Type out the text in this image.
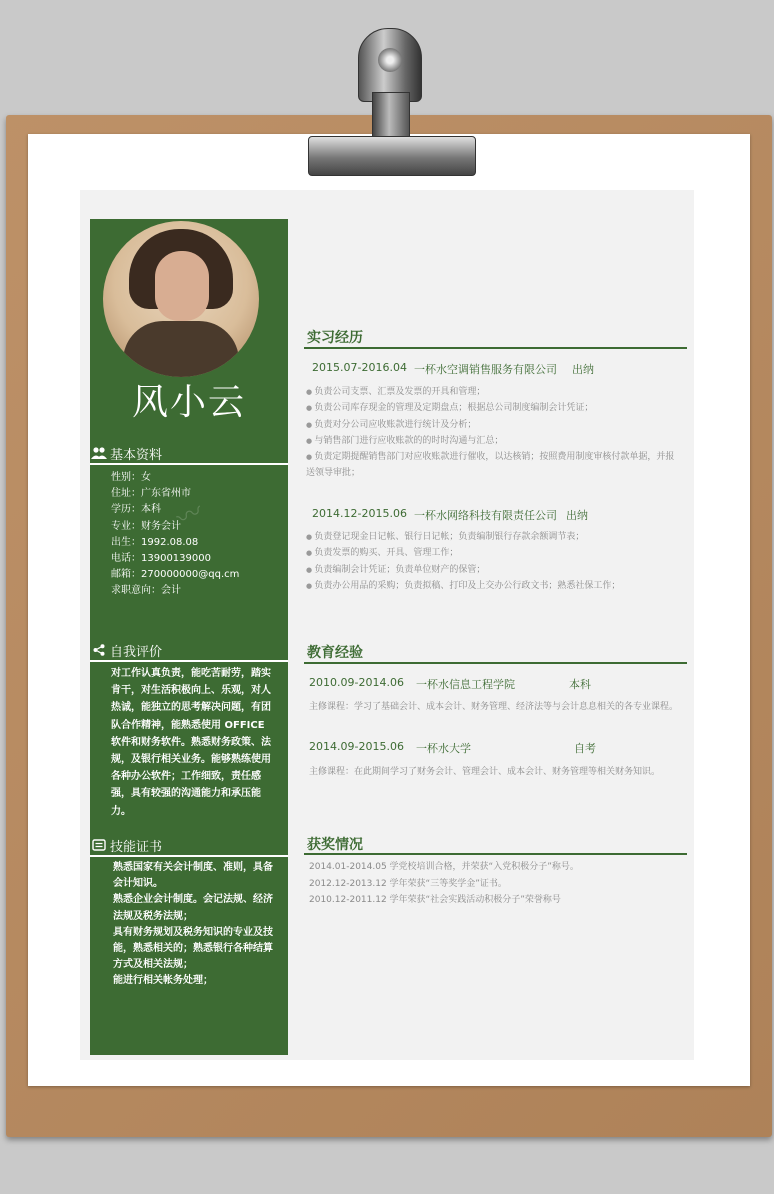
〰
风小云
基本资料
性别：女
住址：广东省州市
学历：本科
专业：财务会计
出生：1992.08.08
电话：13900139000
邮箱：270000000@qq.cm
求职意向：会计
自我评价
对工作认真负责，能吃苦耐劳，踏实肯干，对生活积极向上、乐观，对人热诚，能独立的思考解决问题，有团队合作精神，能熟悉使用 OFFICE 软件和财务软件。熟悉财务政策、法规，及银行相关业务。能够熟练使用各种办公软件；工作细致，责任感强，具有较强的沟通能力和承压能力。
技能证书
熟悉国家有关会计制度、准则，具备会计知识。
熟悉企业会计制度。会记法规、经济法规及税务法规；
具有财务规划及税务知识的专业及技能，熟悉相关的；熟悉银行各种结算方式及相关法规；
能进行相关帐务处理；
实习经历
2015.07-2016.04 一杯水空调销售服务有限公司 出纳
● 负责公司支票、汇票及发票的开具和管理；
● 负责公司库存现金的管理及定期盘点；根据总公司制度编制会计凭证；
● 负责对分公司应收账款进行统计及分析；
● 与销售部门进行应收账款的的时时沟通与汇总；
● 负责定期提醒销售部门对应收账款进行催收，以达核销；按照费用制度审核付款单据，并报送领导审批；
2014.12-2015.06 一杯水网络科技有限责任公司 出纳
● 负责登记现金日记帐、银行日记帐；负责编制银行存款余额调节表；
● 负责发票的购买、开具、管理工作；
● 负责编制会计凭证；负责单位财产的保管；
● 负责办公用品的采购；负责拟稿、打印及上交办公行政文书；熟悉社保工作；
教育经验
2010.09-2014.06 一杯水信息工程学院	本科
主修课程：学习了基础会计、成本会计、财务管理、经济法等与会计息息相关的各专业课程。
2014.09-2015.06 一杯水大学	自考
主修课程：在此期间学习了财务会计、管理会计、成本会计、财务管理等相关财务知识。
获奖情况
2014.01-2014.05 学党校培训合格，并荣获“入党积极分子”称号。
2012.12-2013.12 学年荣获“三等奖学金”证书。
2010.12-2011.12 学年荣获“社会实践活动积极分子”荣誉称号
